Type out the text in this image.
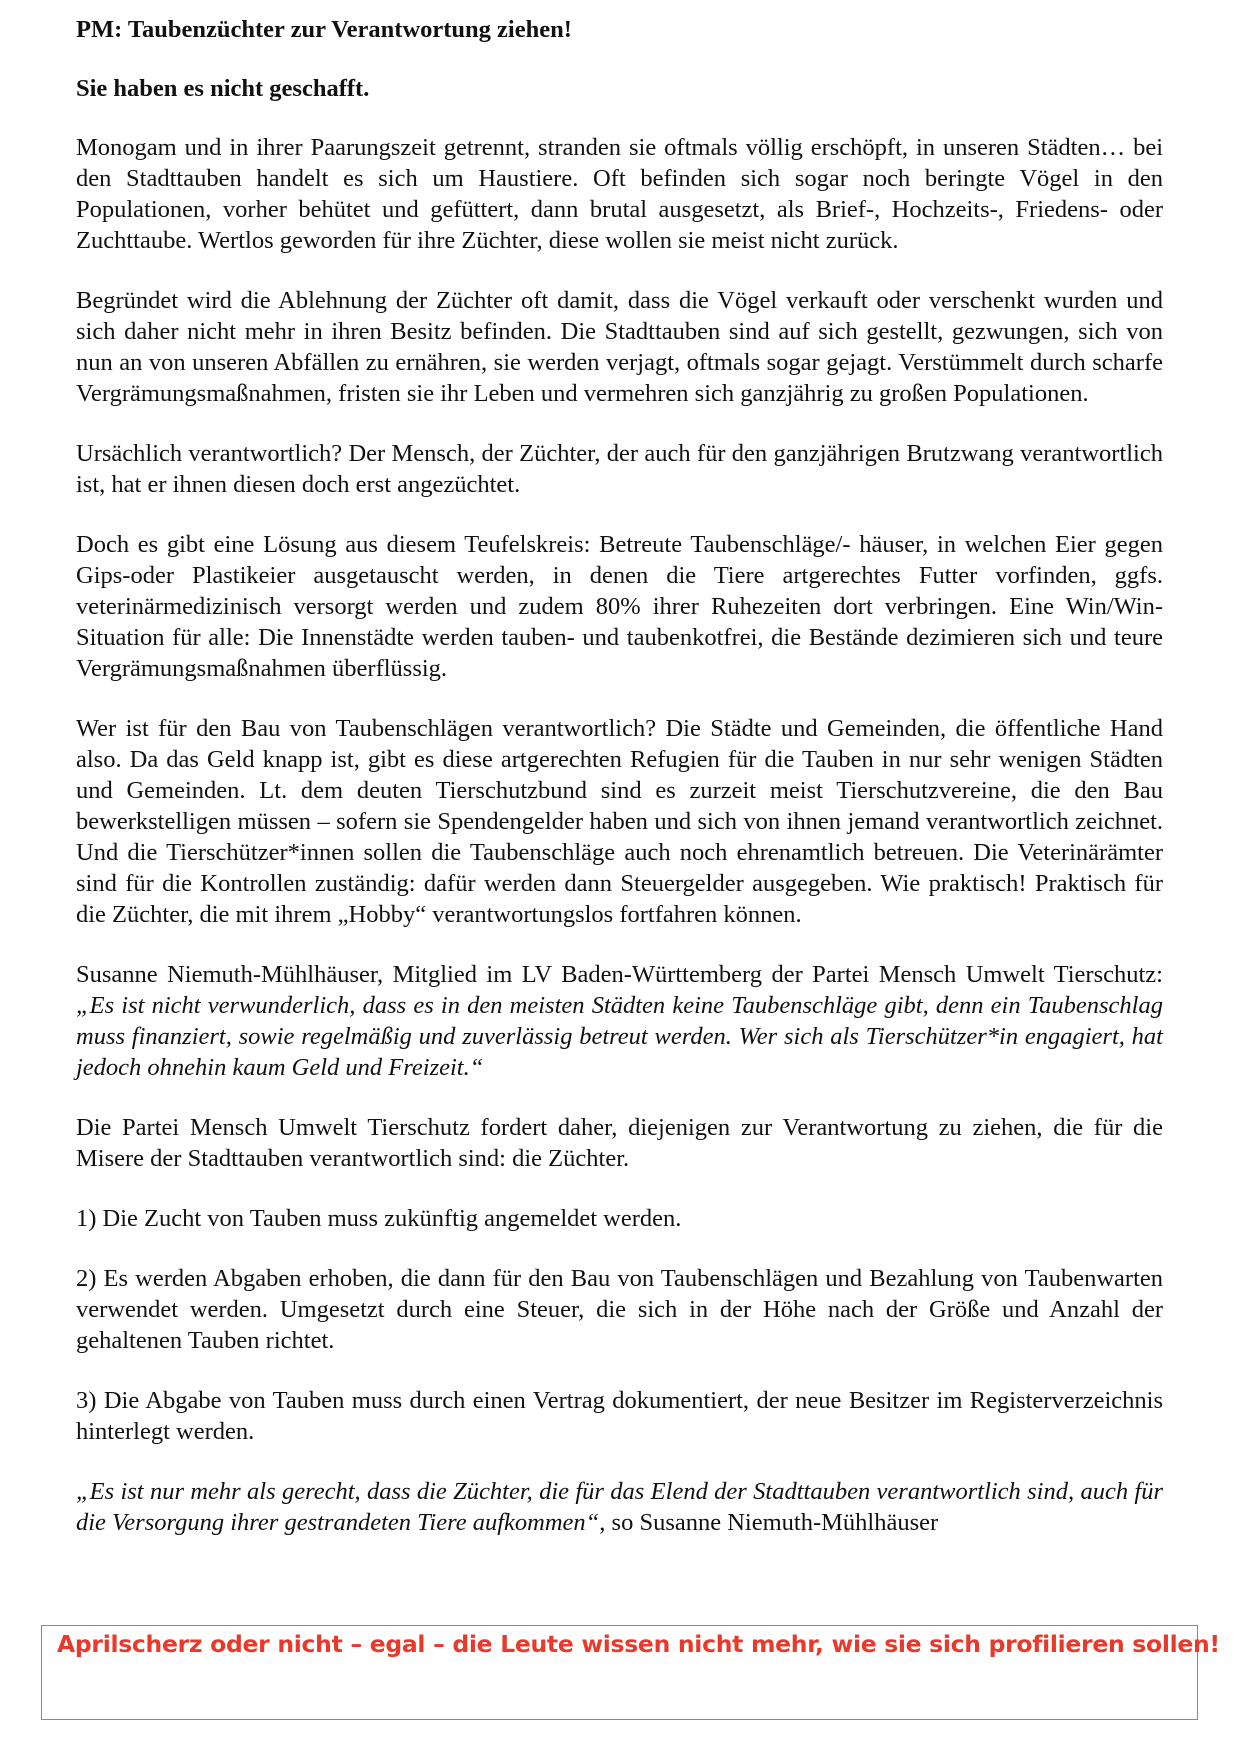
PM: Taubenzüchter zur Verantwortung ziehen!
Sie haben es nicht geschafft.

Monogam und in ihrer Paarungszeit getrennt, stranden sie oftmals völlig erschöpft, in unseren Städten… bei den Stadttauben handelt es sich um Haustiere. Oft befinden sich sogar noch beringte Vögel in den Populationen, vorher behütet und gefüttert, dann brutal ausgesetzt, als Brief-, Hochzeits-, Friedens- oder Zuchttaube. Wertlos geworden für ihre Züchter, diese wollen sie meist nicht zurück.

Begründet wird die Ablehnung der Züchter oft damit, dass die Vögel verkauft oder verschenkt wurden und sich daher nicht mehr in ihren Besitz befinden. Die Stadttauben sind auf sich gestellt, gezwungen, sich von nun an von unseren Abfällen zu ernähren, sie werden verjagt, oftmals sogar gejagt. Verstümmelt durch scharfe Vergrämungsmaßnahmen, fristen sie ihr Leben und vermehren sich ganzjährig zu großen Populationen.

Ursächlich verantwortlich? Der Mensch, der Züchter, der auch für den ganzjährigen Brutzwang verantwortlich ist, hat er ihnen diesen doch erst angezüchtet.

Doch es gibt eine Lösung aus diesem Teufelskreis: Betreute Taubenschläge/- häuser, in welchen Eier gegen Gips-oder Plastikeier ausgetauscht werden, in denen die Tiere artgerechtes Futter vorfinden, ggfs. veterinärmedizinisch versorgt werden und zudem 80% ihrer Ruhezeiten dort verbringen. Eine Win/Win-Situation für alle: Die Innenstädte werden tauben- und taubenkotfrei, die Bestände dezimieren sich und teure Vergrämungsmaßnahmen überflüssig.

Wer ist für den Bau von Taubenschlägen verantwortlich? Die Städte und Gemeinden, die öffentliche Hand also. Da das Geld knapp ist, gibt es diese artgerechten Refugien für die Tauben in nur sehr wenigen Städten und Gemeinden. Lt. dem deuten Tierschutzbund sind es zurzeit meist Tierschutzvereine, die den Bau bewerkstelligen müssen – sofern sie Spendengelder haben und sich von ihnen jemand verantwortlich zeichnet. Und die Tierschützer*innen sollen die Taubenschläge auch noch ehrenamtlich betreuen. Die Veterinärämter sind für die Kontrollen zuständig: dafür werden dann Steuergelder ausgegeben. Wie praktisch! Praktisch für die Züchter, die mit ihrem „Hobby“ verantwortungslos fortfahren können.

Susanne Niemuth-Mühlhäuser, Mitglied im LV Baden-Württemberg der Partei Mensch Umwelt Tierschutz: „Es ist nicht verwunderlich, dass es in den meisten Städten keine Taubenschläge gibt, denn ein Taubenschlag muss finanziert, sowie regelmäßig und zuverlässig betreut werden. Wer sich als Tierschützer*in engagiert, hat jedoch ohnehin kaum Geld und Freizeit.“

Die Partei Mensch Umwelt Tierschutz fordert daher, diejenigen zur Verantwortung zu ziehen, die für die Misere der Stadttauben verantwortlich sind: die Züchter.

1) Die Zucht von Tauben muss zukünftig angemeldet werden.

2) Es werden Abgaben erhoben, die dann für den Bau von Taubenschlägen und Bezahlung von Taubenwarten verwendet werden. Umgesetzt durch eine Steuer, die sich in der Höhe nach der Größe und Anzahl der gehaltenen Tauben richtet.

3) Die Abgabe von Tauben muss durch einen Vertrag dokumentiert, der neue Besitzer im Registerverzeichnis hinterlegt werden.

„Es ist nur mehr als gerecht, dass die Züchter, die für das Elend der Stadttauben verantwortlich sind, auch für die Versorgung ihrer gestrandeten Tiere aufkommen“, so Susanne Niemuth-Mühlhäuser

Aprilscherz oder nicht – egal – die Leute wissen nicht mehr, wie sie sich profilieren sollen!
